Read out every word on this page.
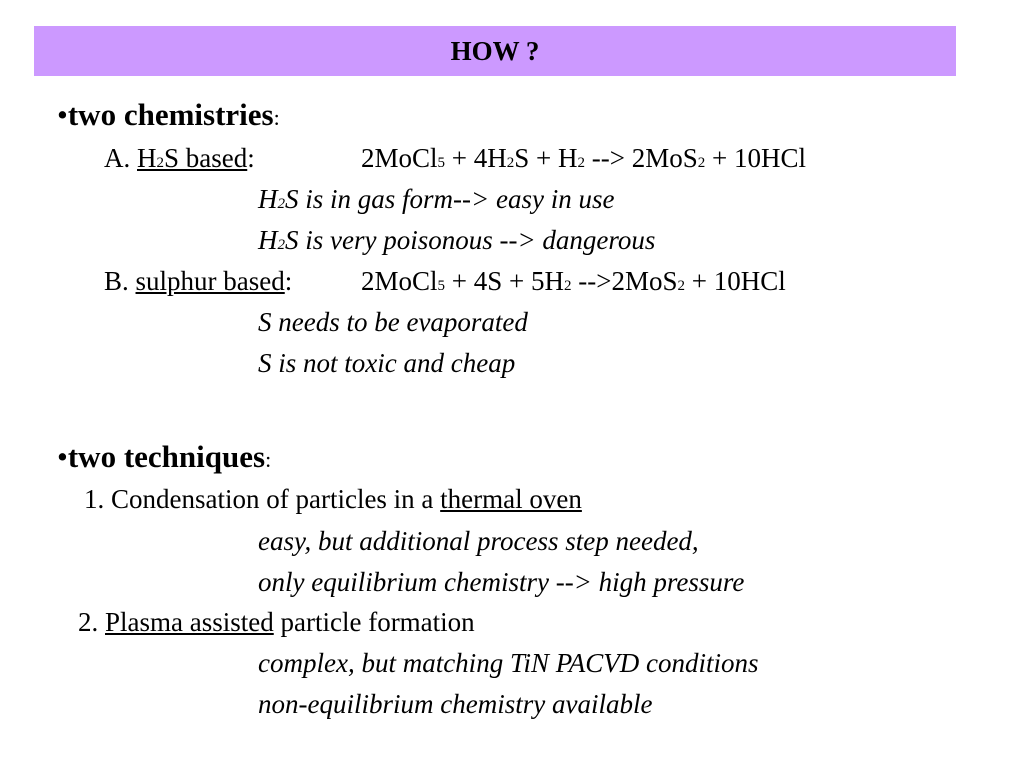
HOW ?
•two chemistries:
A. H2S based:	2MoCl5 + 4H2S + H2 --> 2MoS2 + 10HCl
H2S is in gas form--> easy in use
H2S is very poisonous --> dangerous
B. sulphur based:	2MoCl5 + 4S + 5H2 -->2MoS2 + 10HCl
S needs to be evaporated
S is not toxic and cheap
•two techniques:
1. Condensation of particles in a thermal oven
easy, but additional process step needed,
only equilibrium chemistry --> high pressure
2. Plasma assisted particle formation
complex, but matching TiN PACVD conditions
non-equilibrium chemistry available
